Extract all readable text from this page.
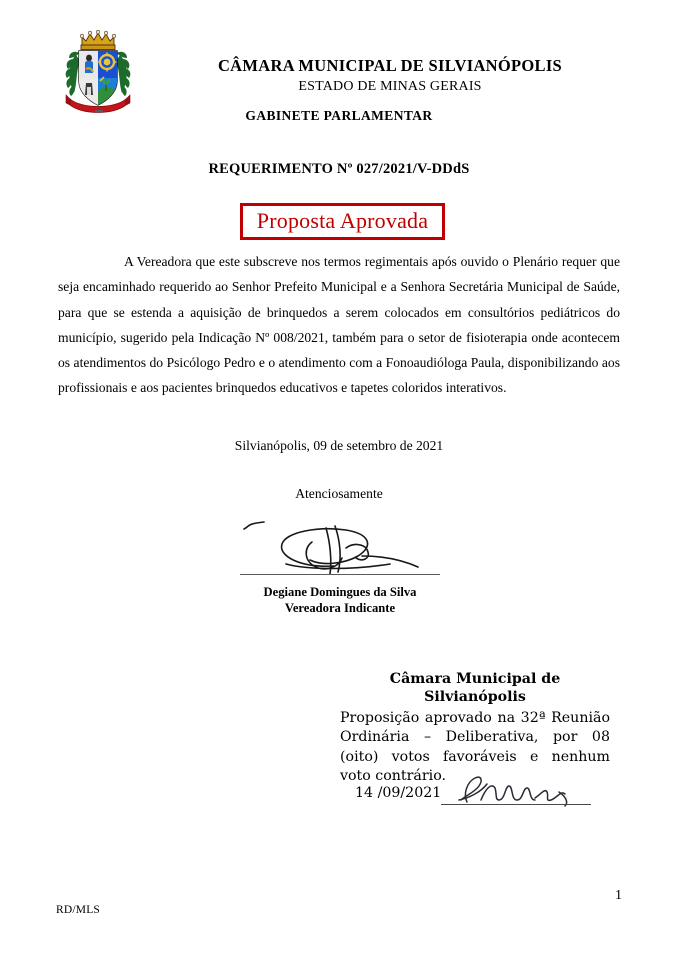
CÂMARA MUNICIPAL DE SILVIANÓPOLIS
ESTADO DE MINAS GERAIS
GABINETE PARLAMENTAR
REQUERIMENTO Nº 027/2021/V-DDdS
Proposta Aprovada
A Vereadora que este subscreve nos termos regimentais após ouvido o Plenário requer que seja encaminhado requerido ao Senhor Prefeito Municipal e a Senhora Secretária Municipal de Saúde, para que se estenda a aquisição de brinquedos a serem colocados em consultórios pediátricos do município, sugerido pela Indicação Nº 008/2021, também para o setor de fisioterapia onde acontecem os atendimentos do Psicólogo Pedro e o atendimento com a Fonoaudióloga Paula, disponibilizando aos profissionais e aos pacientes brinquedos educativos e tapetes coloridos interativos.
Silvianópolis, 09 de setembro de 2021
Atenciosamente
Degiane Domingues da Silva
Vereadora Indicante
Câmara Municipal de Silvianópolis
Proposição aprovado na 32ª Reunião Ordinária – Deliberativa, por 08 (oito) votos favoráveis e nenhum voto contrário.
14 /09/2021
1
RD/MLS
